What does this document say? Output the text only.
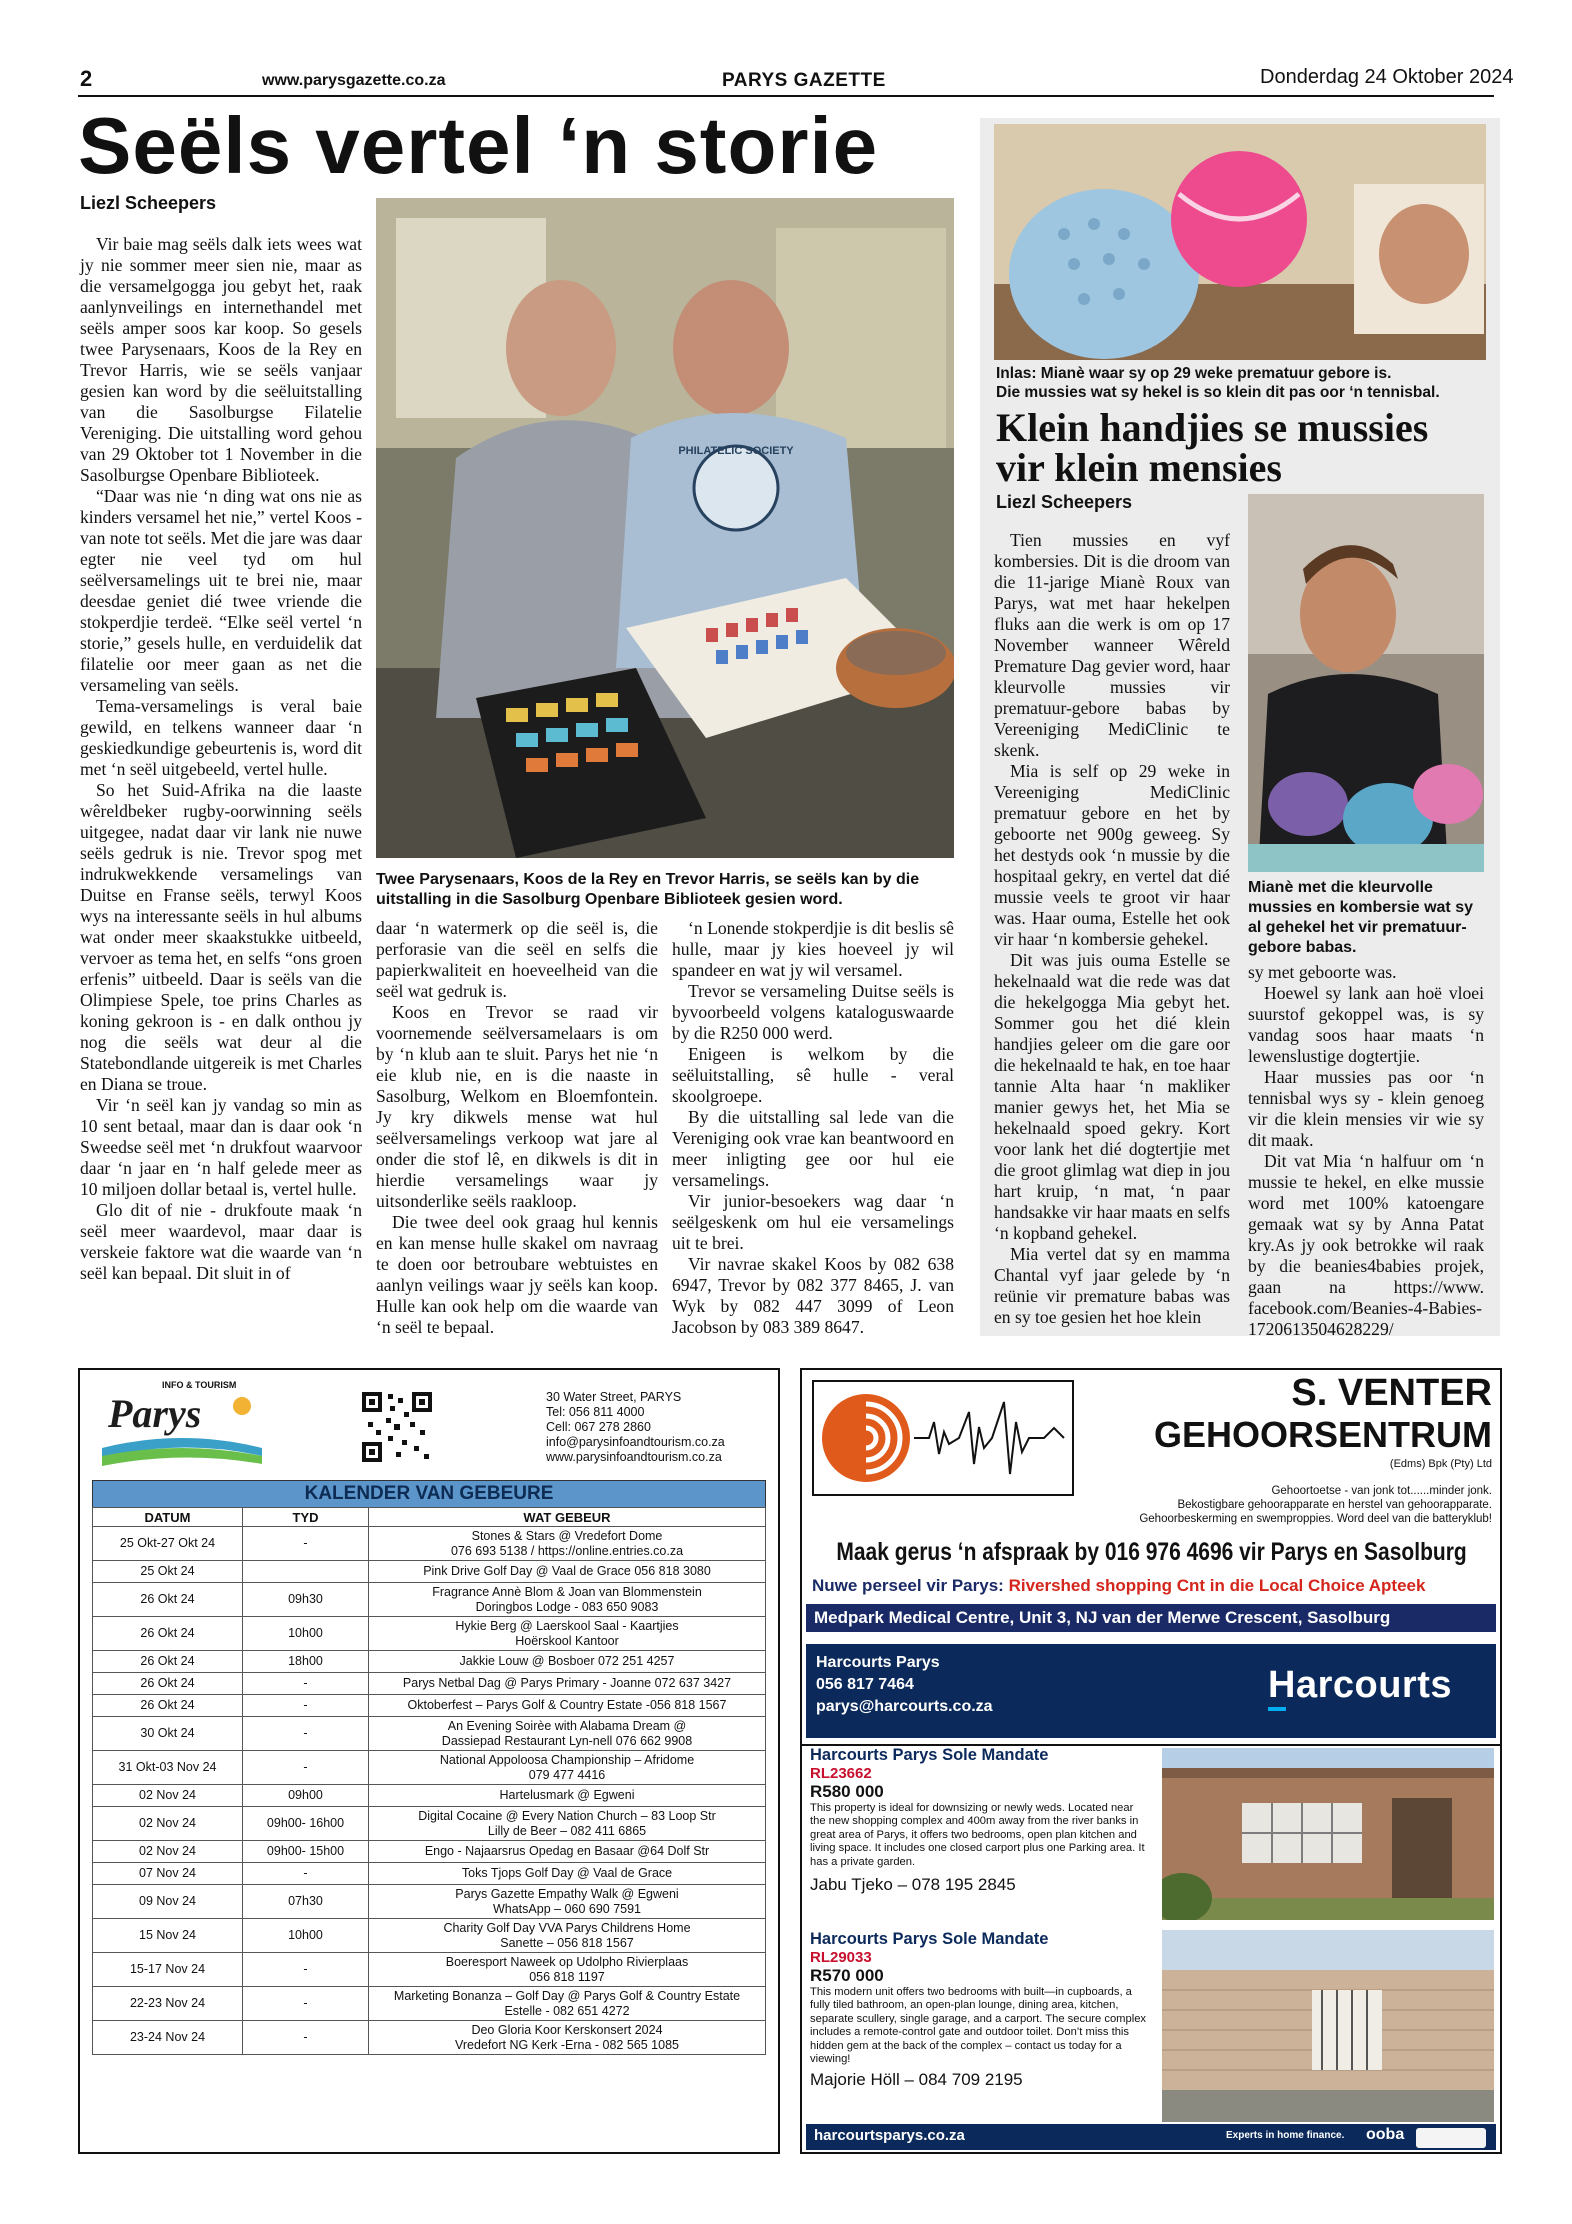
2	www.parysgazette.co.za	PARYS GAZETTE	Donderdag 24 Oktober 2024
Seëls vertel ‘n storie
Liezl Scheepers

Vir baie mag seëls dalk iets wees wat jy nie sommer meer sien nie, maar as die versamelgogga jou gebyt het, raak aanlynveilings en internethandel met seëls amper soos kar koop. So gesels twee Parysenaars, Koos de la Rey en Trevor Harris, wie se seëls vanjaar gesien kan word by die seëluitstalling van die Sasolburgse Filatelie Vereniging. Die uitstalling word gehou van 29 Oktober tot 1 November in die Sasolburgse Openbare Biblioteek.

“Daar was nie ‘n ding wat ons nie as kinders versamel het nie,” vertel Koos - van note tot seëls. Met die jare was daar egter nie veel tyd om hul seëlversamelings uit te brei nie, maar deesdae geniet dié twee vriende die stokperdjie terdeë. “Elke seël vertel ‘n storie,” gesels hulle, en verduidelik dat filatelie oor meer gaan as net die versameling van seëls.

Tema-versamelings is veral baie gewild, en telkens wanneer daar ‘n geskiedkundige gebeurtenis is, word dit met ‘n seël uitgebeeld, vertel hulle.

So het Suid-Afrika na die laaste wêreldbeker rugby-oorwinning seëls uitgegee, nadat daar vir lank nie nuwe seëls gedruk is nie. Trevor spog met indrukwekkende versamelings van Duitse en Franse seëls, terwyl Koos wys na interessante seëls in hul albums wat onder meer skaakstukke uitbeeld, vervoer as tema het, en selfs “ons groen erfenis” uitbeeld. Daar is seëls van die Olimpiese Spele, toe prins Charles as koning gekroon is - en dalk onthou jy nog die seëls wat deur al die Statebondlande uitgereik is met Charles en Diana se troue.

Vir ‘n seël kan jy vandag so min as 10 sent betaal, maar dan is daar ook ‘n Sweedse seël met ‘n drukfout waarvoor daar ‘n jaar en ‘n half gelede meer as 10 miljoen dollar betaal is, vertel hulle.

Glo dit of nie - drukfoute maak ‘n seël meer waardevol, maar daar is verskeie faktore wat die waarde van ‘n seël kan bepaal. Dit sluit in of

PHILATELIC SOCIETY
Twee Parysenaars, Koos de la Rey en Trevor Harris, se seëls kan by die uitstalling in die Sasolburg Openbare Biblioteek gesien word.

daar ‘n watermerk op die seël is, die perforasie van die seël en selfs die papierkwaliteit en hoeveelheid van die seël wat gedruk is.

Koos en Trevor se raad vir voornemende seëlversamelaars is om by ‘n klub aan te sluit. Parys het nie ‘n eie klub nie, en is die naaste in Sasolburg, Welkom en Bloemfontein. Jy kry dikwels mense wat hul seëlversamelings verkoop wat jare al onder die stof lê, en dikwels is dit in hierdie versamelings waar jy uitsonderlike seëls raakloop.

Die twee deel ook graag hul kennis en kan mense hulle skakel om navraag te doen oor betroubare webtuistes en aanlyn veilings waar jy seëls kan koop. Hulle kan ook help om die waarde van ‘n seël te bepaal.

‘n Lonende stokperdjie is dit beslis sê hulle, maar jy kies hoeveel jy wil spandeer en wat jy wil versamel.

Trevor se versameling Duitse seëls is byvoorbeeld volgens kataloguswaarde by die R250 000 werd.

Enigeen is welkom by die seëluitstalling, sê hulle - veral skoolgroepe.

By die uitstalling sal lede van die Vereniging ook vrae kan beantwoord en meer inligting gee oor hul eie versamelings.

Vir junior-besoekers wag daar ‘n seëlgeskenk om hul eie versamelings uit te brei.

Vir navrae skakel Koos by 082 638 6947, Trevor by 082 377 8465, J. van Wyk by 082 447 3099 of Leon Jacobson by 083 389 8647.

Inlas: Mianè waar sy op 29 weke prematuur gebore is.
Die mussies wat sy hekel is so klein dit pas oor ‘n tennisbal.
Klein handjies se mussies
vir klein mensies
Liezl Scheepers

Tien mussies en vyf kombersies. Dit is die droom van die 11-jarige Mianè Roux van Parys, wat met haar hekelpen fluks aan die werk is om op 17 November wanneer Wêreld Premature Dag gevier word, haar kleurvolle mussies vir prematuur-gebore babas by Vereeniging MediClinic te skenk.

Mia is self op 29 weke in Vereeniging MediClinic prematuur gebore en het by geboorte net 900g geweeg. Sy het destyds ook ‘n mussie by die hospitaal gekry, en vertel dat dié mussie veels te groot vir haar was. Haar ouma, Estelle het ook vir haar ‘n kombersie gehekel.

Dit was juis ouma Estelle se hekelnaald wat die rede was dat die hekelgogga Mia gebyt het. Sommer gou het dié klein handjies geleer om die gare oor die hekelnaald te hak, en toe haar tannie Alta haar ‘n makliker manier gewys het, het Mia se hekelnaald spoed gekry. Kort voor lank het dié dogtertjie met die groot glimlag wat diep in jou hart kruip, ‘n mat, ‘n paar handsakke vir haar maats en selfs ‘n kopband gehekel.

Mia vertel dat sy en mamma Chantal vyf jaar gelede by ‘n reünie vir premature babas was en sy toe gesien het hoe klein

Mianè met die kleurvolle mussies en kombersie wat sy al gehekel het vir prematuur-gebore babas.

sy met geboorte was.

Hoewel sy lank aan hoë vloei suurstof gekoppel was, is sy vandag soos haar maats ‘n lewenslustige dogtertjie.

Haar mussies pas oor ‘n tennisbal wys sy - klein genoeg vir die klein mensies vir wie sy dit maak.

Dit vat Mia ‘n halfuur om ‘n mussie te hekel, en elke mussie word met 100% katoengare gemaak wat sy by Anna Patat kry.As jy ook betrokke wil raak by die beanies4babies projek, gaan na https://www. facebook.com/Beanies-4-Babies-1720613504628229/

INFO & TOURISM
Parys	30 Water Street, PARYS
Tel: 056 811 4000
Cell: 067 278 2860
info@parysinfoandtourism.co.za
www.parysinfoandtourism.co.za
KALENDER VAN GEBEURE
DATUM	TYD	WAT GEBEUR
25 Okt-27 Okt 24	-	Stones & Stars @ Vredefort Dome
076 693 5138 / https://online.entries.co.za
25 Okt 24		Pink Drive Golf Day @ Vaal de Grace 056 818 3080
26 Okt 24	09h30	Fragrance Annè Blom & Joan van Blommenstein
Doringbos Lodge - 083 650 9083
26 Okt 24	10h00	Hykie Berg @ Laerskool Saal - Kaartjies
Hoërskool Kantoor
26 Okt 24	18h00	Jakkie Louw @ Bosboer 072 251 4257
26 Okt 24	-	Parys Netbal Dag @ Parys Primary - Joanne 072 637 3427
26 Okt 24	-	Oktoberfest – Parys Golf & Country Estate -056 818 1567
30 Okt 24	-	An Evening Soirèe with Alabama Dream @
Dassiepad Restaurant Lyn-nell 076 662 9908
31 Okt-03 Nov 24	-	National Appoloosa Championship – Afridome
079 477 4416
02 Nov 24	09h00	Hartelusmark @ Egweni
02 Nov 24	09h00- 16h00	Digital Cocaine @ Every Nation Church – 83 Loop Str
Lilly de Beer – 082 411 6865
02 Nov 24	09h00- 15h00	Engo - Najaarsrus Opedag en Basaar @64 Dolf Str
07 Nov 24	-	Toks Tjops Golf Day @ Vaal de Grace
09 Nov 24	07h30	Parys Gazette Empathy Walk @ Egweni
WhatsApp – 060 690 7591
15 Nov 24	10h00	Charity Golf Day VVA Parys Childrens Home
Sanette – 056 818 1567
15-17 Nov 24	-	Boeresport Naweek op Udolpho Rivierplaas
056 818 1197
22-23 Nov 24	-	Marketing Bonanza – Golf Day @ Parys Golf & Country Estate
Estelle - 082 651 4272
23-24 Nov 24	-	Deo Gloria Koor Kerskonsert 2024
Vredefort NG Kerk -Erna - 082 565 1085
S. VENTER
GEHOORSENTRUM
(Edms) Bpk (Pty) Ltd
Gehoortoetse - van jonk tot......minder jonk.
Bekostigbare gehoorapparate en herstel van gehoorapparate.
Gehoorbeskerming en swemproppies. Word deel van die batteryklub!
Maak gerus ‘n afspraak by 016 976 4696 vir Parys en Sasolburg
Nuwe perseel vir Parys: Rivershed shopping Cnt in die Local Choice Apteek
Medpark Medical Centre, Unit 3, NJ van der Merwe Crescent, Sasolburg
Harcourts Parys
056 817 7464
parys@harcourts.co.za
Harcourts
Harcourts Parys Sole Mandate
RL23662
R580 000
This property is ideal for downsizing or newly weds. Located near the new shopping complex and 400m away from the river banks in great area of Parys, it offers two bedrooms, open plan kitchen and living space. It includes one closed carport plus one Parking area. It has a private garden.
Jabu Tjeko – 078 195 2845
Harcourts Parys Sole Mandate
RL29033
R570 000
This modern unit offers two bedrooms with built—in cupboards, a fully tiled bathroom, an open-plan lounge, dining area, kitchen, separate scullery, single garage, and a carport. The secure complex includes a remote-control gate and outdoor toilet. Don’t miss this hidden gem at the back of the complex – contact us today for a viewing!
Majorie Höll – 084 709 2195
harcourtsparys.co.za	Experts in home finance. ooba
